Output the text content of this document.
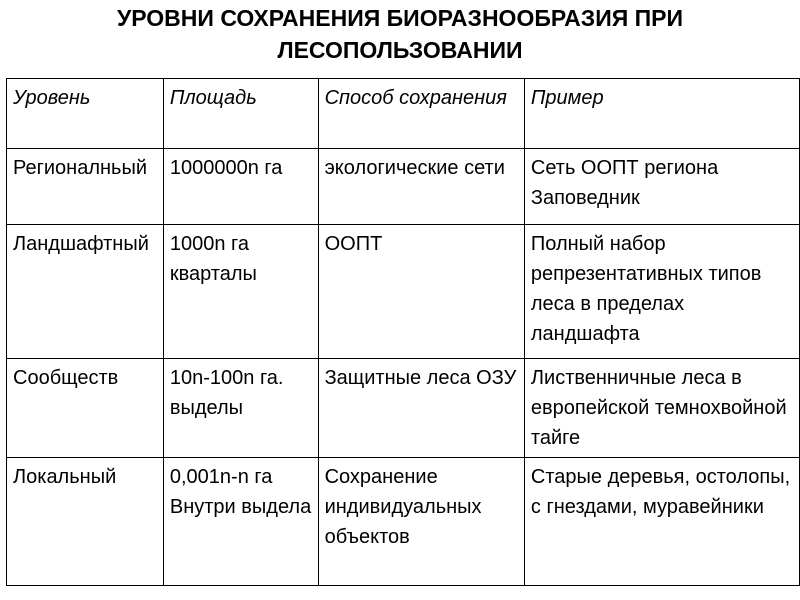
УРОВНИ СОХРАНЕНИЯ БИОРАЗНООБРАЗИЯ ПРИ
ЛЕСОПОЛЬЗОВАНИИ
Уровень	Площадь	Способ сохранения	Пример
Регионалньый	1000000n га	экологические сети	Сеть ООПТ региона Заповедник
Ландшафтный	1000n га кварталы	ООПТ	Полный набор репрезентативных типов леса в пределах ландшафта
Сообществ	10n-100n га. выделы	Защитные леса ОЗУ	Лиственничные леса в европейской темнохвойной тайге
Локальный	0,001n-n га Внутри выдела	Сохранение индивидуальных объектов	Старые деревья, остолопы, с гнездами, муравейники
